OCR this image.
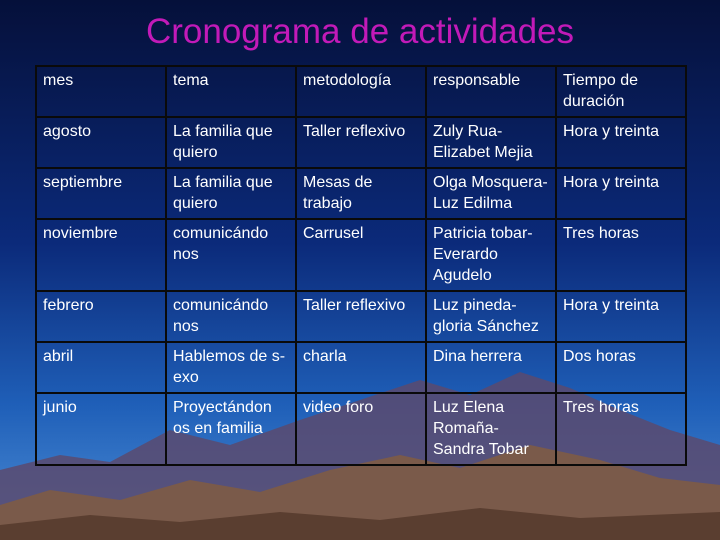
Cronograma de actividades
mes	tema	metodología	responsable	Tiempo de duración
agosto	La familia que quiero	Taller reflexivo	Zuly Rua-Elizabet Mejia	Hora y treinta
septiembre	La familia que quiero	Mesas de trabajo	Olga Mosquera-Luz Edilma	Hora y treinta
noviembre	comunicándo nos	Carrusel	Patricia tobar-Everardo Agudelo	Tres horas
febrero	comunicándo nos	Taller reflexivo	Luz pineda-gloria Sánchez	Hora y treinta
abril	Hablemos de s-exo	charla	Dina herrera	Dos horas
junio	Proyectándon os en familia	video foro	Luz Elena Romaña-Sandra Tobar	Tres horas
